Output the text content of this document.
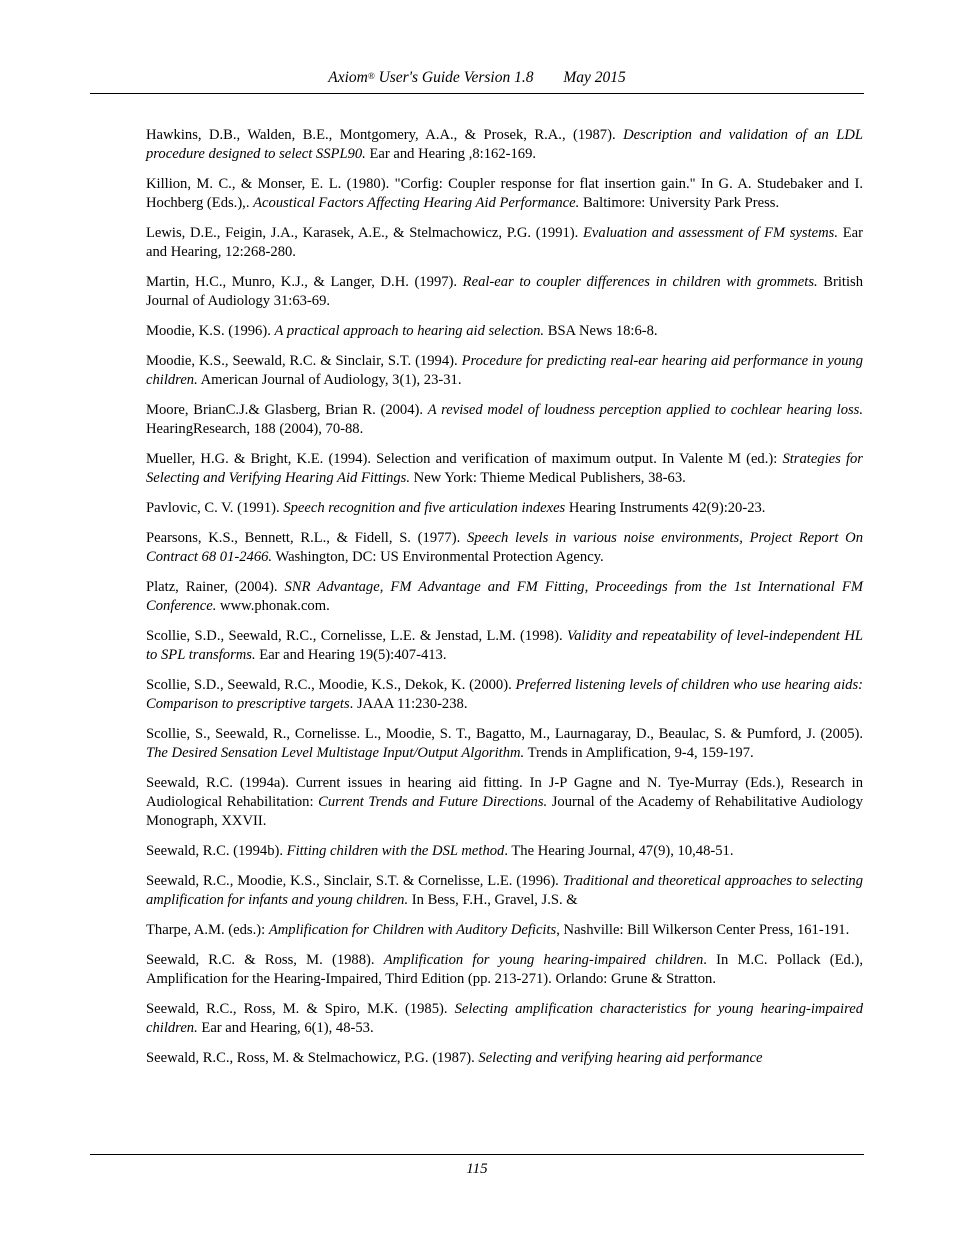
Axiom® User's Guide Version 1.8 May 2015

Hawkins, D.B., Walden, B.E., Montgomery, A.A., & Prosek, R.A., (1987). Description and validation of an LDL procedure designed to select SSPL90. Ear and Hearing ,8:162-169.

Killion, M. C., & Monser, E. L. (1980). "Corfig: Coupler response for flat insertion gain." In G. A. Studebaker and I. Hochberg (Eds.),. Acoustical Factors Affecting Hearing Aid Performance. Baltimore: University Park Press.

Lewis, D.E., Feigin, J.A., Karasek, A.E., & Stelmachowicz, P.G. (1991). Evaluation and assessment of FM systems. Ear and Hearing, 12:268-280.

Martin, H.C., Munro, K.J., & Langer, D.H. (1997). Real-ear to coupler differences in children with grommets. British Journal of Audiology 31:63-69.

Moodie, K.S. (1996). A practical approach to hearing aid selection. BSA News 18:6-8.

Moodie, K.S., Seewald, R.C. & Sinclair, S.T. (1994). Procedure for predicting real-ear hearing aid performance in young children. American Journal of Audiology, 3(1), 23-31.

Moore, BrianC.J.& Glasberg, Brian R. (2004). A revised model of loudness perception applied to cochlear hearing loss. HearingResearch, 188 (2004), 70-88.

Mueller, H.G. & Bright, K.E. (1994). Selection and verification of maximum output. In Valente M (ed.): Strategies for Selecting and Verifying Hearing Aid Fittings. New York: Thieme Medical Publishers, 38-63.

Pavlovic, C. V. (1991). Speech recognition and five articulation indexes Hearing Instruments 42(9):20-23.

Pearsons, K.S., Bennett, R.L., & Fidell, S. (1977). Speech levels in various noise environments, Project Report On Contract 68 01-2466. Washington, DC: US Environmental Protection Agency.

Platz, Rainer, (2004). SNR Advantage, FM Advantage and FM Fitting, Proceedings from the 1st International FM Conference. www.phonak.com.

Scollie, S.D., Seewald, R.C., Cornelisse, L.E. & Jenstad, L.M. (1998). Validity and repeatability of level-independent HL to SPL transforms. Ear and Hearing 19(5):407-413.

Scollie, S.D., Seewald, R.C., Moodie, K.S., Dekok, K. (2000). Preferred listening levels of children who use hearing aids: Comparison to prescriptive targets. JAAA 11:230-238.

Scollie, S., Seewald, R., Cornelisse. L., Moodie, S. T., Bagatto, M., Laurnagaray, D., Beaulac, S. & Pumford, J. (2005). The Desired Sensation Level Multistage Input/Output Algorithm. Trends in Amplification, 9-4, 159-197.

Seewald, R.C. (1994a). Current issues in hearing aid fitting. In J-P Gagne and N. Tye-Murray (Eds.), Research in Audiological Rehabilitation: Current Trends and Future Directions. Journal of the Academy of Rehabilitative Audiology Monograph, XXVII.

Seewald, R.C. (1994b). Fitting children with the DSL method. The Hearing Journal, 47(9), 10,48-51.

Seewald, R.C., Moodie, K.S., Sinclair, S.T. & Cornelisse, L.E. (1996). Traditional and theoretical approaches to selecting amplification for infants and young children. In Bess, F.H., Gravel, J.S. &

Tharpe, A.M. (eds.): Amplification for Children with Auditory Deficits, Nashville: Bill Wilkerson Center Press, 161-191.

Seewald, R.C. & Ross, M. (1988). Amplification for young hearing-impaired children. In M.C. Pollack (Ed.), Amplification for the Hearing-Impaired, Third Edition (pp. 213-271). Orlando: Grune & Stratton.

Seewald, R.C., Ross, M. & Spiro, M.K. (1985). Selecting amplification characteristics for young hearing-impaired children. Ear and Hearing, 6(1), 48-53.

Seewald, R.C., Ross, M. & Stelmachowicz, P.G. (1987). Selecting and verifying hearing aid performance

115
